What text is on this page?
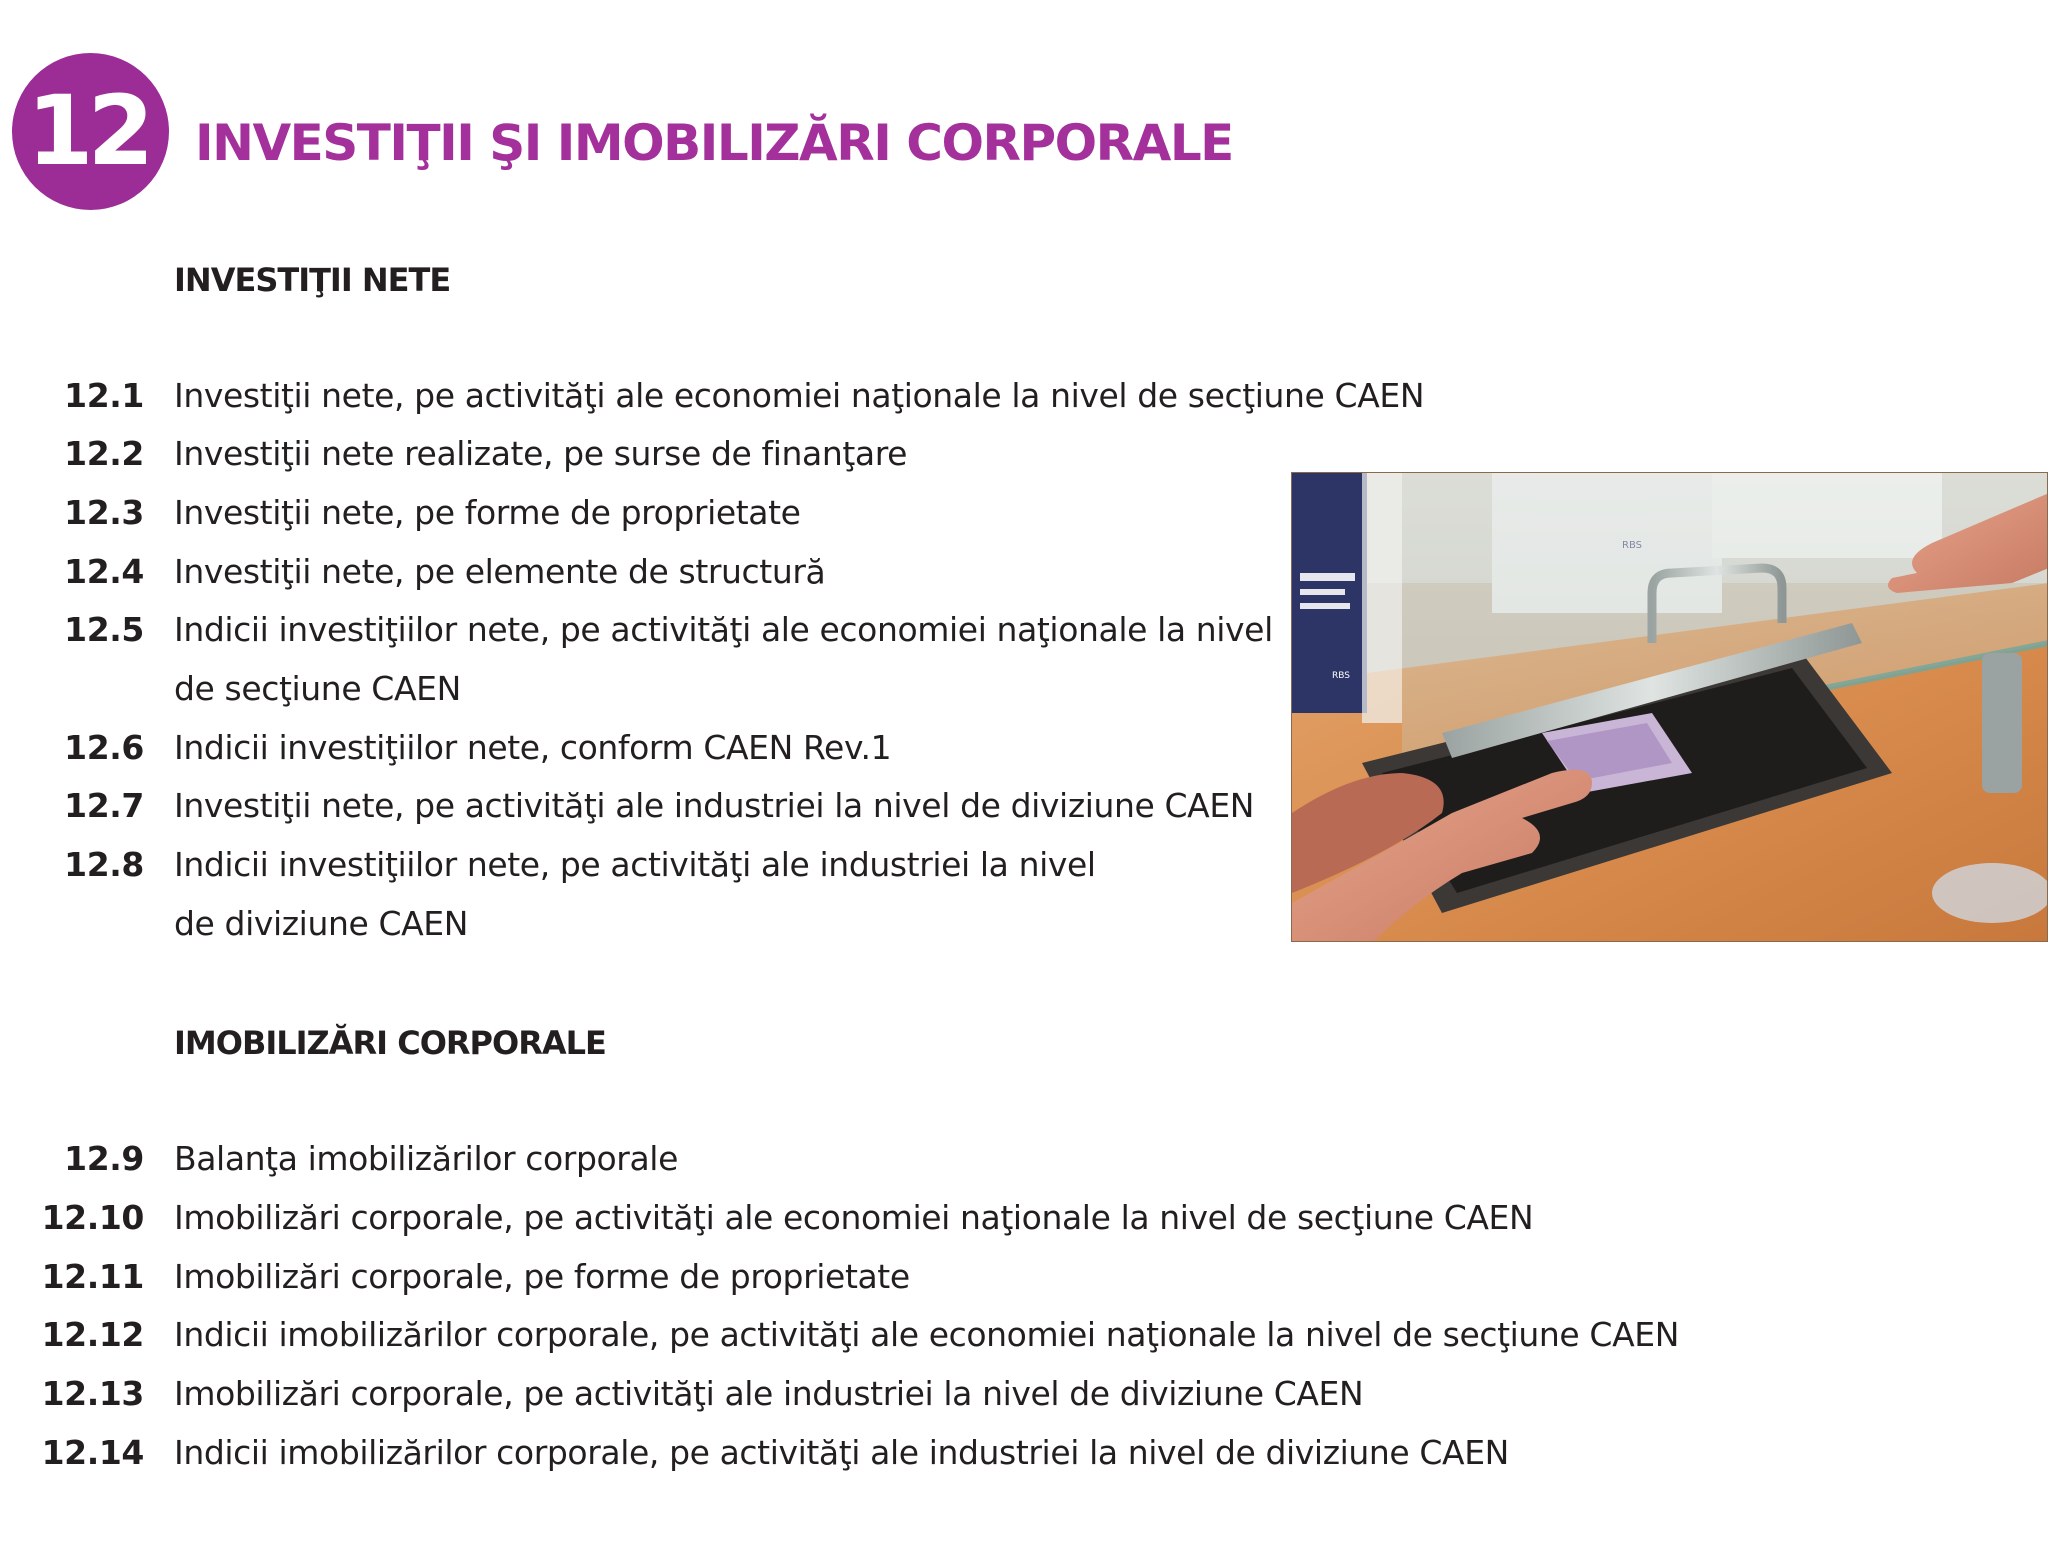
12 INVESTIŢII ŞI IMOBILIZĂRI CORPORALE
INVESTIŢII NETE
12.1 Investiţii nete, pe activităţi ale economiei naţionale la nivel de secţiune CAEN
12.2 Investiţii nete realizate, pe surse de finanţare
12.3 Investiţii nete, pe forme de proprietate
12.4 Investiţii nete, pe elemente de structură
12.5 Indicii investiţiilor nete, pe activităţi ale economiei naţionale la nivel
de secţiune CAEN
12.6 Indicii investiţiilor nete, conform CAEN Rev.1
12.7 Investiţii nete, pe activităţi ale industriei la nivel de diviziune CAEN
12.8 Indicii investiţiilor nete, pe activităţi ale industriei la nivel
de diviziune CAEN
IMOBILIZĂRI CORPORALE
12.9 Balanţa imobilizărilor corporale
12.10 Imobilizări corporale, pe activităţi ale economiei naţionale la nivel de secţiune CAEN
12.11 Imobilizări corporale, pe forme de proprietate
12.12 Indicii imobilizărilor corporale, pe activităţi ale economiei naţionale la nivel de secţiune CAEN
12.13 Imobilizări corporale, pe activităţi ale industriei la nivel de diviziune CAEN
12.14 Indicii imobilizărilor corporale, pe activităţi ale industriei la nivel de diviziune CAEN
RBS
